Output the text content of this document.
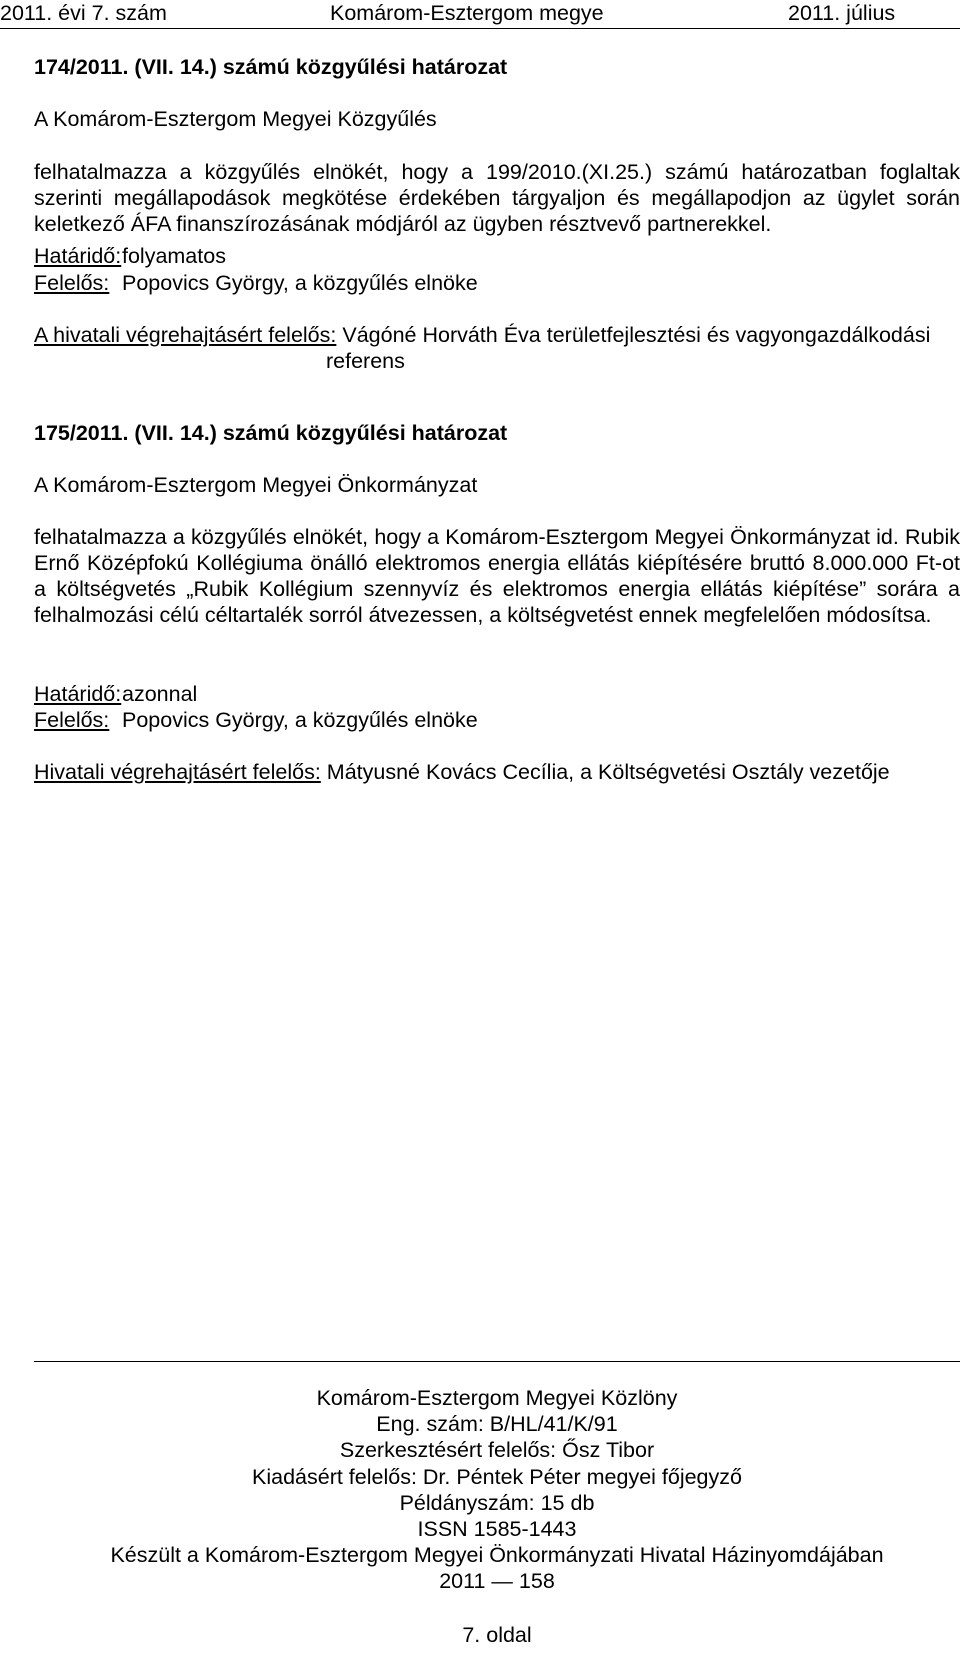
2011. évi 7. szám	Komárom-Esztergom megye	2011. július
174/2011. (VII. 14.) számú közgyűlési határozat
A Komárom-Esztergom Megyei Közgyűlés
felhatalmazza a közgyűlés elnökét, hogy a 199/2010.(XI.25.) számú határozatban foglaltak szerinti megállapodások megkötése érdekében tárgyaljon és megállapodjon az ügylet során keletkező ÁFA finanszírozásának módjáról az ügyben résztvevő partnerekkel.
Határidő: folyamatos
Felelős: Popovics György, a közgyűlés elnöke
A hivatali végrehajtásért felelős: Vágóné Horváth Éva területfejlesztési és vagyongazdálkodási
referens
175/2011. (VII. 14.) számú közgyűlési határozat
A Komárom-Esztergom Megyei Önkormányzat
felhatalmazza a közgyűlés elnökét, hogy a Komárom-Esztergom Megyei Önkormányzat id. Rubik Ernő Középfokú Kollégiuma önálló elektromos energia ellátás kiépítésére bruttó 8.000.000 Ft-ot a költségvetés „Rubik Kollégium szennyvíz és elektromos energia ellátás kiépítése” sorára a felhalmozási célú céltartalék sorról átvezessen, a költségvetést ennek megfelelően módosítsa.
Határidő: azonnal
Felelős: Popovics György, a közgyűlés elnöke
Hivatali végrehajtásért felelős: Mátyusné Kovács Cecília, a Költségvetési Osztály vezetője
Komárom-Esztergom Megyei Közlöny
Eng. szám: B/HL/41/K/91
Szerkesztésért felelős: Ősz Tibor
Kiadásért felelős: Dr. Péntek Péter megyei főjegyző
Példányszám: 15 db
ISSN 1585-1443
Készült a Komárom-Esztergom Megyei Önkormányzati Hivatal Házinyomdájában
2011 — 158
7. oldal
